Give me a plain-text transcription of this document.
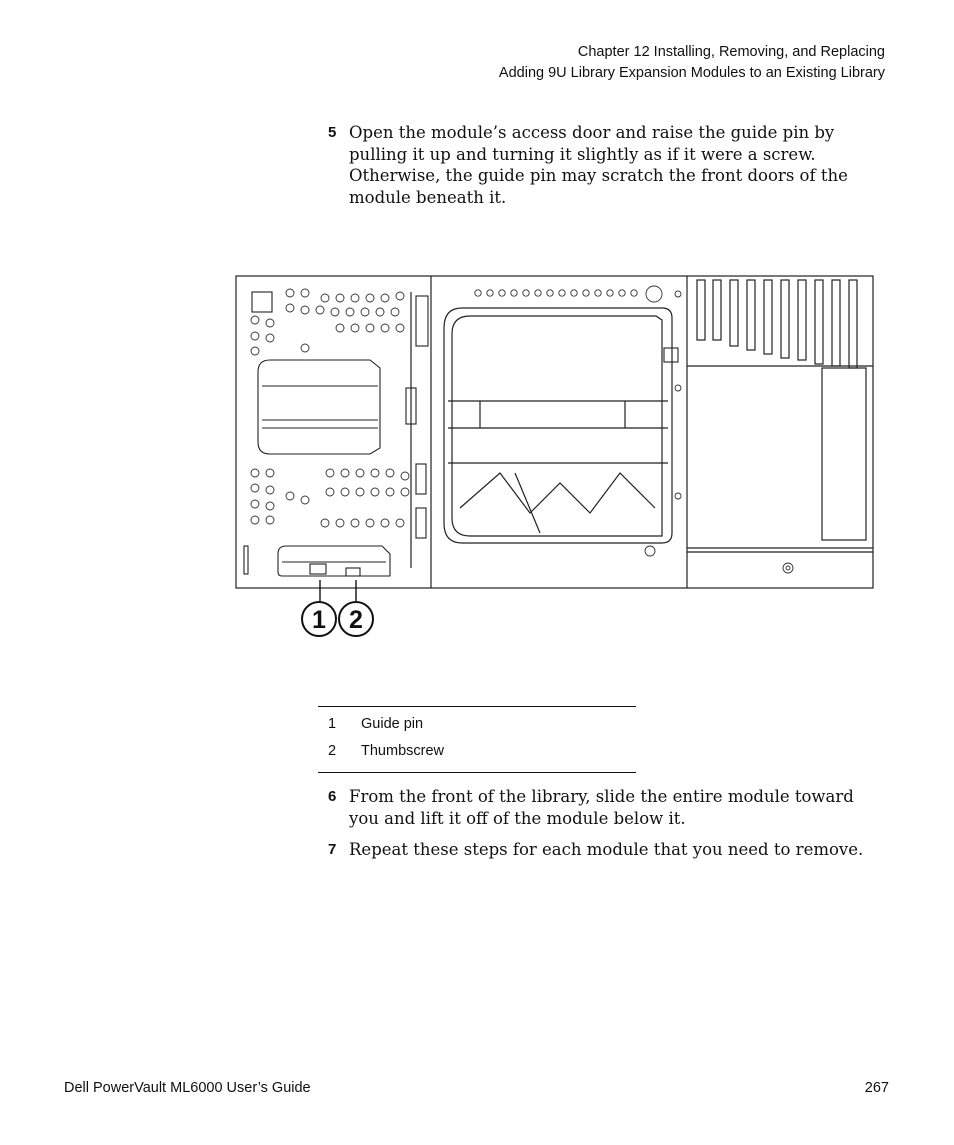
Chapter 12 Installing, Removing, and Replacing
Adding 9U Library Expansion Modules to an Existing Library
5 Open the module’s access door and raise the guide pin by pulling it up and turning it slightly as if it were a screw. Otherwise, the guide pin may scratch the front doors of the module beneath it.
1 2
1 Guide pin
2 Thumbscrew
6 From the front of the library, slide the entire module toward you and lift it off of the module below it.
7 Repeat these steps for each module that you need to remove.
Dell PowerVault ML6000 User’s Guide	267
